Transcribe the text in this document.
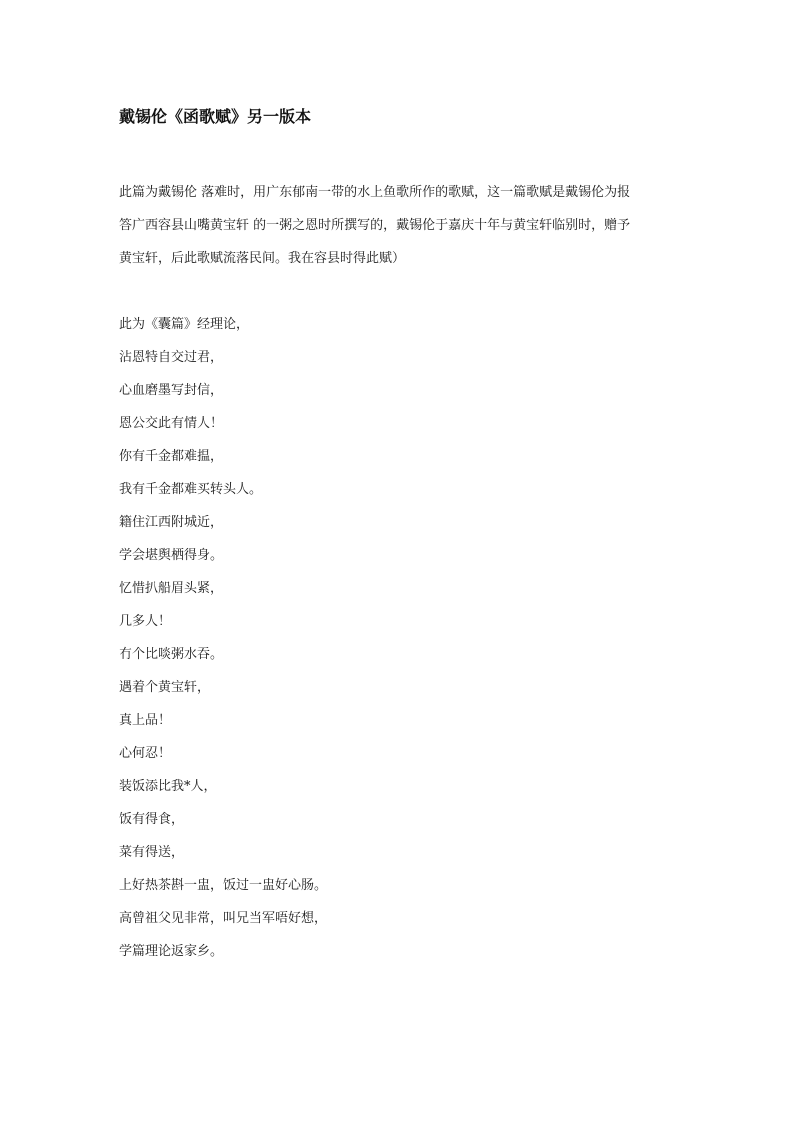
戴锡伦《函歌赋》另一版本

此篇为戴锡伦 落难时，用广东郁南一带的水上鱼歌所作的歌赋，这一篇歌赋是戴锡伦为报
答广西容县山嘴黄宝轩 的一粥之恩时所撰写的，戴锡伦于嘉庆十年与黄宝轩临别时，赠予
黄宝轩，后此歌赋流落民间。我在容县时得此赋）

此为《囊篇》经理论，
沾恩特自交过君，
心血磨墨写封信，
恩公交此有情人！
你有千金都难揾，
我有千金都难买转头人。
籍住江西附城近，
学会堪舆栖得身。
忆惜扒船眉头紧，
几多人！
冇个比啖粥水吞。
遇着个黄宝轩，
真上品！
心何忍！
装饭添比我*人，
饭有得食，
菜有得送，
上好热茶斟一盅，饭过一盅好心肠。
高曾祖父见非常，叫兄当军唔好想，
学篇理论返家乡。
